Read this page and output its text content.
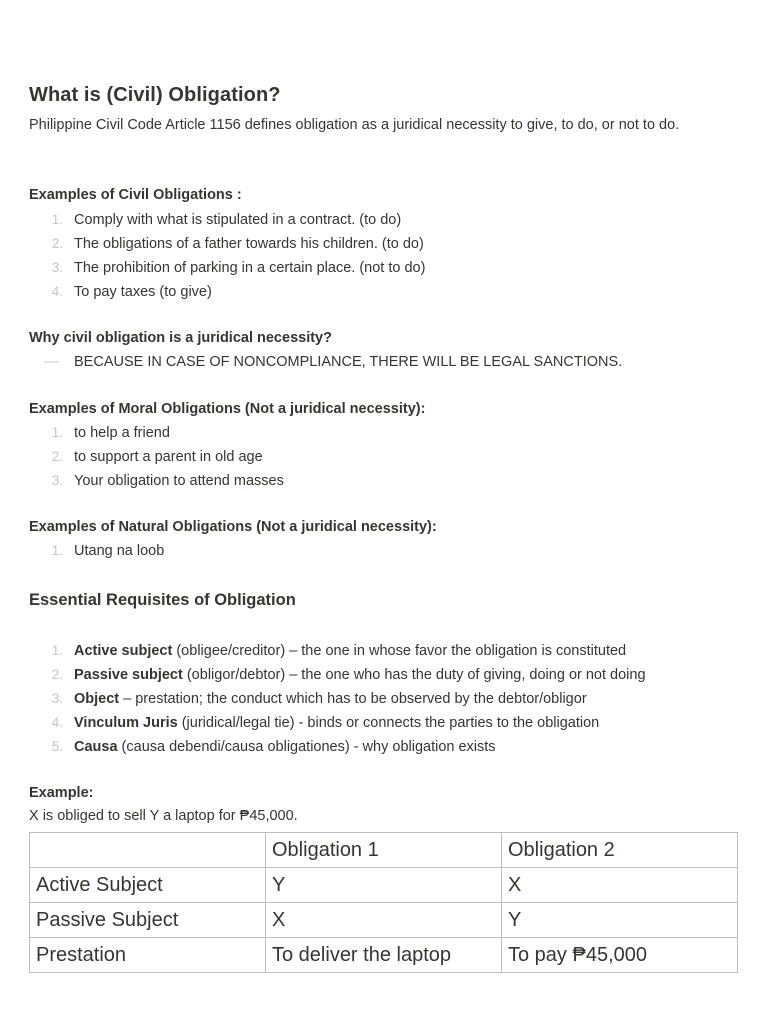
What is (Civil) Obligation?

Philippine Civil Code Article 1156 defines obligation as a juridical necessity to give, to do, or not to do.

Examples of Civil Obligations :

1. Comply with what is stipulated in a contract. (to do)
2. The obligations of a father towards his children. (to do)
3. The prohibition of parking in a certain place. (not to do)
4. To pay taxes (to give)

Why civil obligation is a juridical necessity?

— BECAUSE IN CASE OF NONCOMPLIANCE, THERE WILL BE LEGAL SANCTIONS.

Examples of Moral Obligations (Not a juridical necessity):

1. to help a friend
2. to support a parent in old age
3. Your obligation to attend masses

Examples of Natural Obligations (Not a juridical necessity):

1. Utang na loob
Essential Requisites of Obligation
1. Active subject (obligee/creditor) – the one in whose favor the obligation is constituted
2. Passive subject (obligor/debtor) – the one who has the duty of giving, doing or not doing
3. Object – prestation; the conduct which has to be observed by the debtor/obligor
4. Vinculum Juris (juridical/legal tie) - binds or connects the parties to the obligation
5. Causa (causa debendi/causa obligationes) - why obligation exists

Example:

X is obliged to sell Y a laptop for ₱45,000.

	Obligation 1	Obligation 2
Active Subject	Y	X
Passive Subject	X	Y
Prestation	To deliver the laptop	To pay ₱45,000
